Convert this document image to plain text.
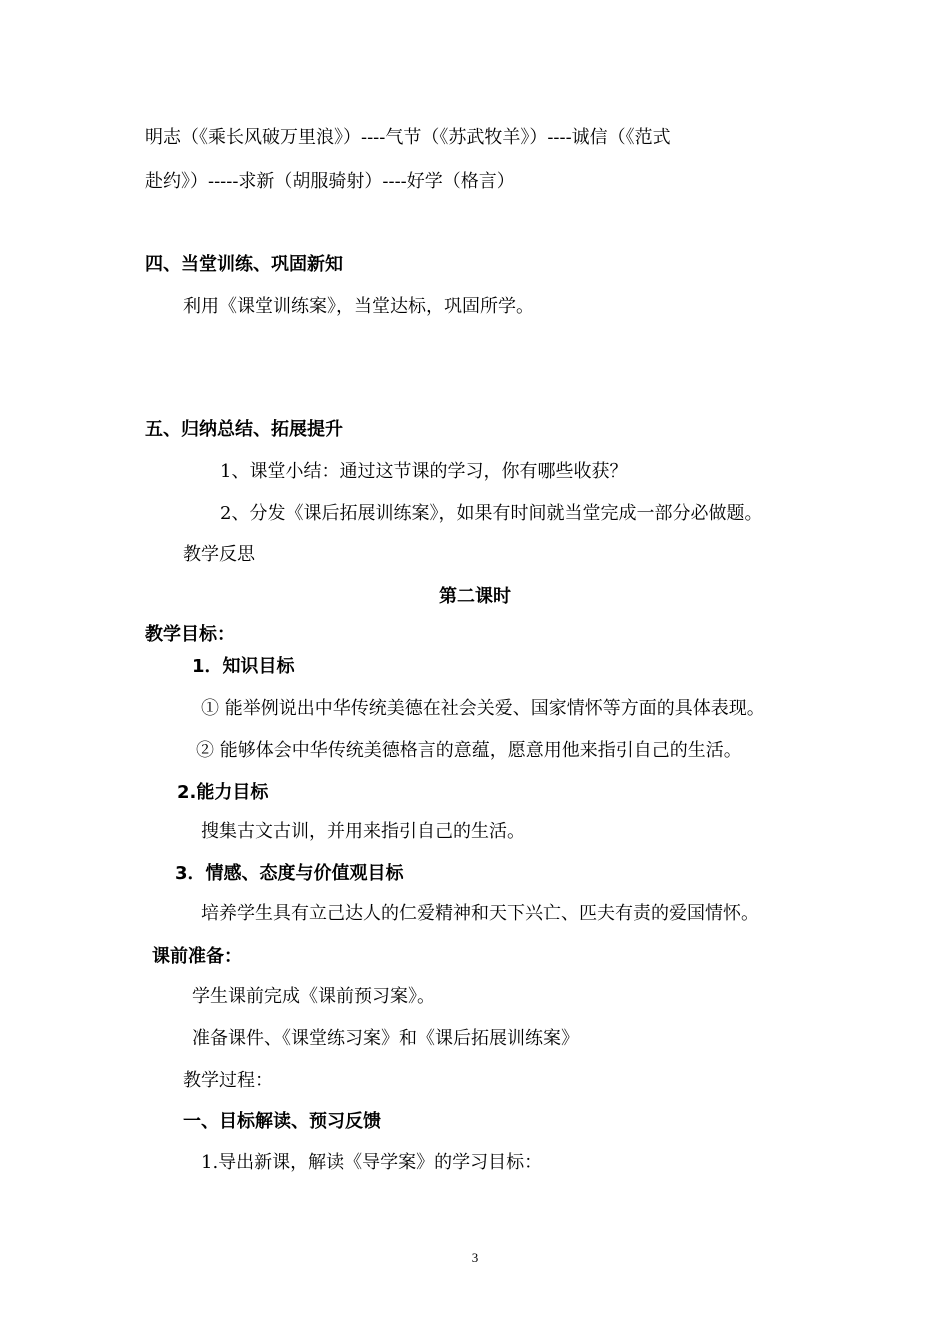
明志（《乘长风破万里浪》）----气节（《苏武牧羊》）----诚信（《范式
赴约》）-----求新（胡服骑射）----好学（格言）
四、当堂训练、巩固新知
利用《课堂训练案》，当堂达标，巩固所学。
五、归纳总结、拓展提升
1、课堂小结：通过这节课的学习，你有哪些收获？
2、分发《课后拓展训练案》，如果有时间就当堂完成一部分必做题。
教学反思
第二课时
教学目标：
1．知识目标
① 能举例说出中华传统美德在社会关爱、国家情怀等方面的具体表现。
② 能够体会中华传统美德格言的意蕴，愿意用他来指引自己的生活。
2.能力目标
搜集古文古训，并用来指引自己的生活。
3．情感、态度与价值观目标
培养学生具有立己达人的仁爱精神和天下兴亡、匹夫有责的爱国情怀。
课前准备：
学生课前完成《课前预习案》。
准备课件、《课堂练习案》和《课后拓展训练案》
教学过程：
一、目标解读、预习反馈
1.导出新课，解读《导学案》的学习目标：
3
